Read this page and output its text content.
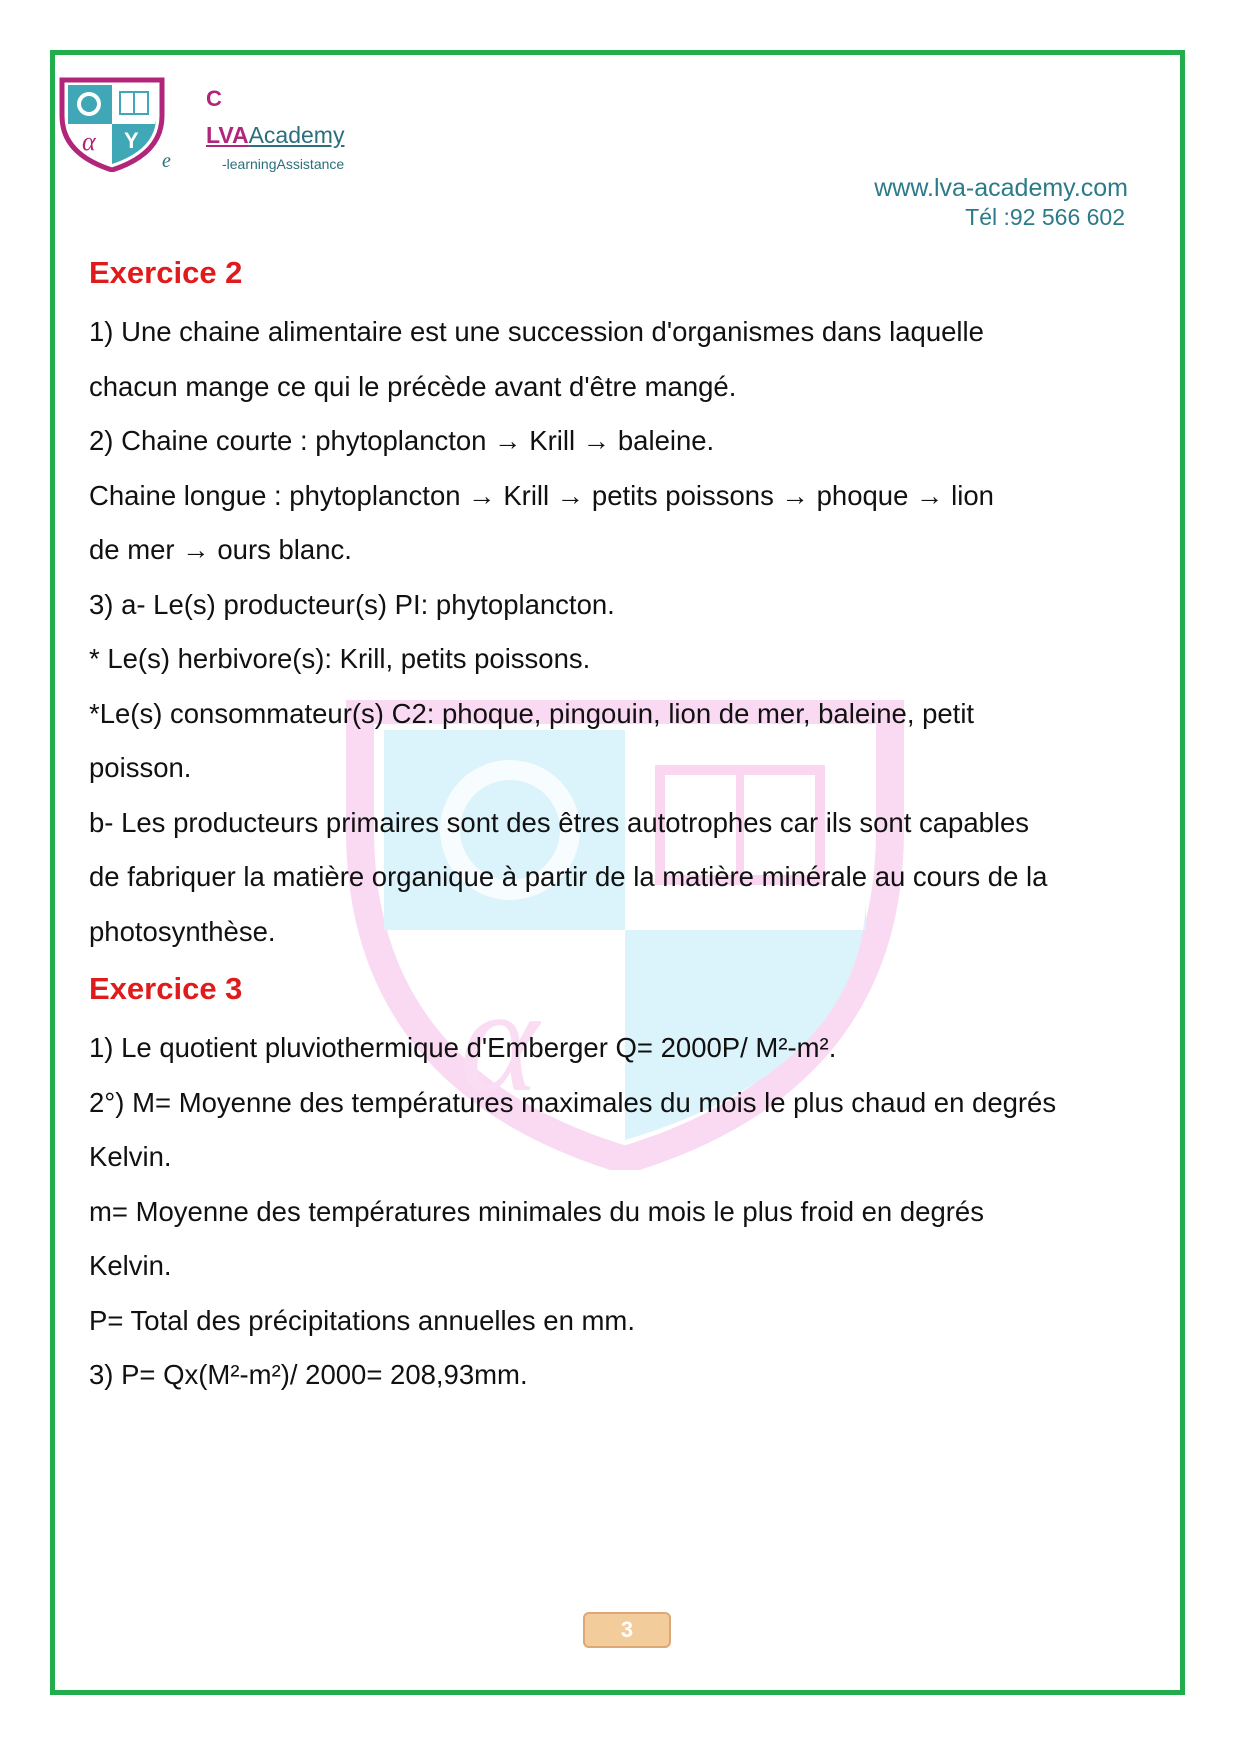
α Y
C
LVAAcademy
e	-learningAssistance
www.lva-academy.com
Tél :92 566 602
α
Exercice 2

1) Une chaine alimentaire est une succession d'organismes dans laquelle

chacun mange ce qui le précède avant d'être mangé.

2) Chaine courte : phytoplancton → Krill → baleine.

Chaine longue : phytoplancton → Krill → petits poissons → phoque → lion

de mer → ours blanc.

3) a- Le(s) producteur(s) PI: phytoplancton.

* Le(s) herbivore(s): Krill, petits poissons.

*Le(s) consommateur(s) C2: phoque, pingouin, lion de mer, baleine, petit

poisson.

b- Les producteurs primaires sont des êtres autotrophes car ils sont capables

de fabriquer la matière organique à partir de la matière minérale au cours de la

photosynthèse.

Exercice 3

1) Le quotient pluviothermique d'Emberger Q= 2000P/ M²-m².

2°) M= Moyenne des températures maximales du mois le plus chaud en degrés

Kelvin.

m= Moyenne des températures minimales du mois le plus froid en degrés

Kelvin.

P= Total des précipitations annuelles en mm.

3) P= Qx(M²-m²)/ 2000= 208,93mm.

3
